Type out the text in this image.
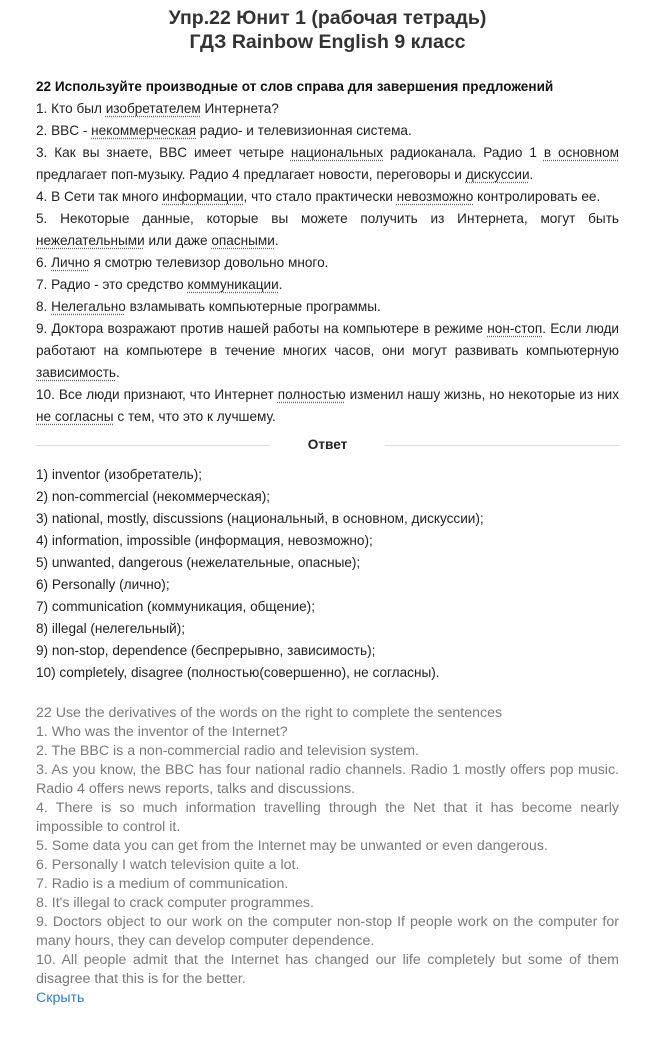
Упр.22 Юнит 1 (рабочая тетрадь)
ГДЗ Rainbow English 9 класс
22 Используйте производные от слов справа для завершения предложений
1. Кто был изобретателем Интернета?
2. BBC - некоммерческая радио- и телевизионная система.
3. Как вы знаете, BBC имеет четыре национальных радиоканала. Радио 1 в основном предлагает поп-музыку. Радио 4 предлагает новости, переговоры и дискуссии.
4. В Сети так много информации, что стало практически невозможно контролировать ее.
5. Некоторые данные, которые вы можете получить из Интернета, могут быть нежелательными или даже опасными.
6. Лично я смотрю телевизор довольно много.
7. Радио - это средство коммуникации.
8. Нелегально взламывать компьютерные программы.
9. Доктора возражают против нашей работы на компьютере в режиме нон-стоп. Если люди работают на компьютере в течение многих часов, они могут развивать компьютерную зависимость.
10. Все люди признают, что Интернет полностью изменил нашу жизнь, но некоторые из них не согласны с тем, что это к лучшему.
Ответ
1) inventor (изобретатель);
2) non-commercial (некоммерческая);
3) national, mostly, discussions (национальный, в основном, дискуссии);
4) information, impossible (информация, невозможно);
5) unwanted, dangerous (нежелательные, опасные);
6) Personally (лично);
7) communication (коммуникация, общение);
8) illegal (нелегельный);
9) non-stop, dependence (беспрерывно, зависимость);
10) completely, disagree (полностью(совершенно), не согласны).
22 Use the derivatives of the words on the right to complete the sentences
1. Who was the inventor of the Internet?
2. The BBC is a non-commercial radio and television system.
3. As you know, the BBC has four national radio channels. Radio 1 mostly offers pop music. Radio 4 offers news reports, talks and discussions.
4. There is so much information travelling through the Net that it has become nearly impossible to control it.
5. Some data you can get from the Internet may be unwanted or even dangerous.
6. Personally I watch television quite a lot.
7. Radio is a medium of communication.
8. It's illegal to crack computer programmes.
9. Doctors object to our work on the computer non-stop If people work on the computer for many hours, they can develop computer dependence.
10. All people admit that the Internet has changed our life completely but some of them disagree that this is for the better.
Скрыть
